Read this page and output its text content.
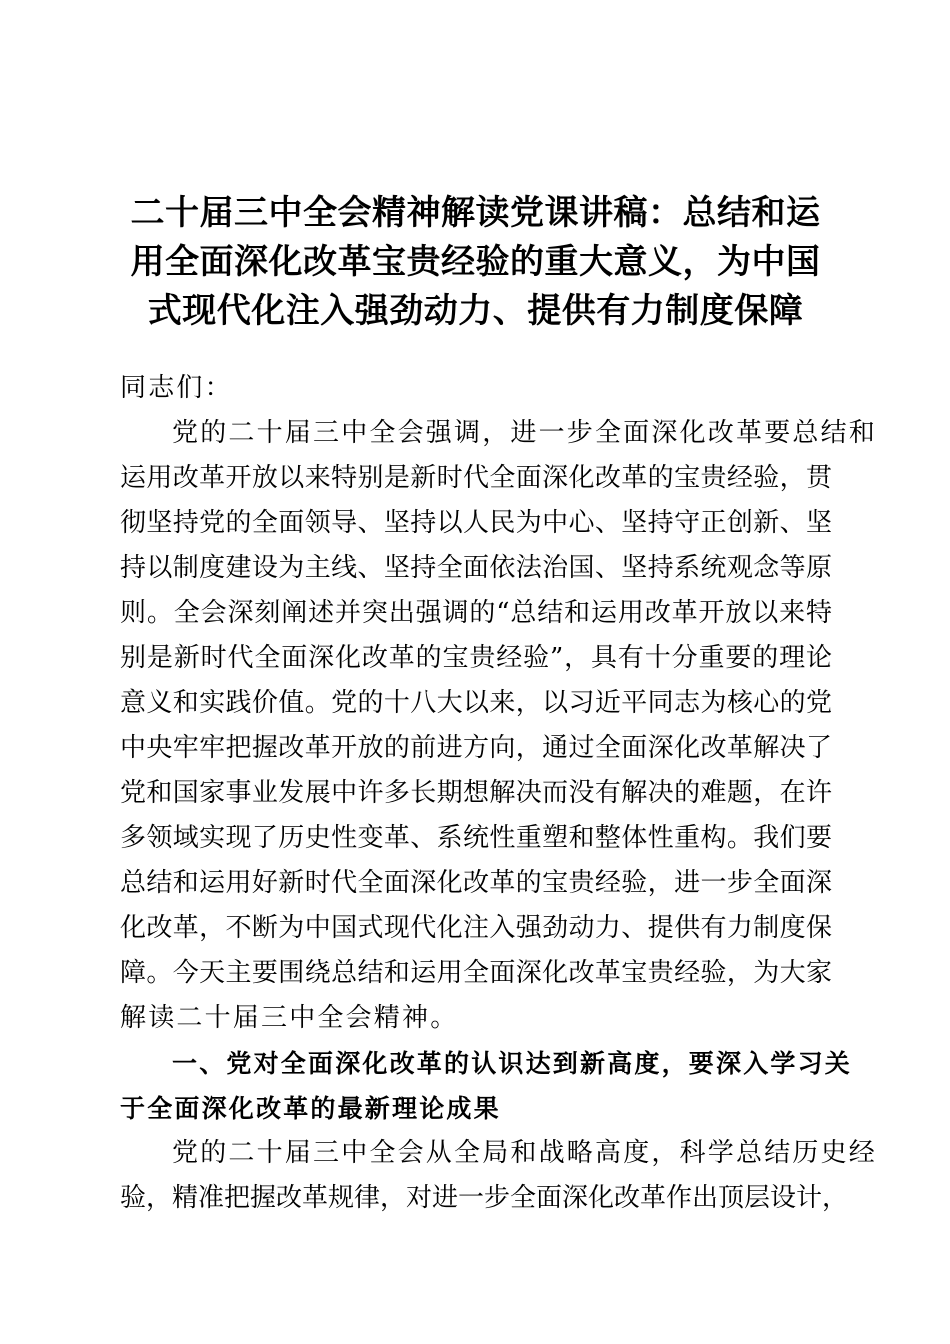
二十届三中全会精神解读党课讲稿：总结和运
用全面深化改革宝贵经验的重大意义，为中国
式现代化注入强劲动力、提供有力制度保障
同志们：
党的二十届三中全会强调，进一步全面深化改革要总结和
运用改革开放以来特别是新时代全面深化改革的宝贵经验，贯
彻坚持党的全面领导、坚持以人民为中心、坚持守正创新、坚
持以制度建设为主线、坚持全面依法治国、坚持系统观念等原
则。全会深刻阐述并突出强调的“总结和运用改革开放以来特
别是新时代全面深化改革的宝贵经验”，具有十分重要的理论
意义和实践价值。党的十八大以来，以习近平同志为核心的党
中央牢牢把握改革开放的前进方向，通过全面深化改革解决了
党和国家事业发展中许多长期想解决而没有解决的难题，在许
多领域实现了历史性变革、系统性重塑和整体性重构。我们要
总结和运用好新时代全面深化改革的宝贵经验，进一步全面深
化改革，不断为中国式现代化注入强劲动力、提供有力制度保
障。今天主要围绕总结和运用全面深化改革宝贵经验，为大家
解读二十届三中全会精神。
一、党对全面深化改革的认识达到新高度，要深入学习关
于全面深化改革的最新理论成果
党的二十届三中全会从全局和战略高度，科学总结历史经
验，精准把握改革规律，对进一步全面深化改革作出顶层设计，
